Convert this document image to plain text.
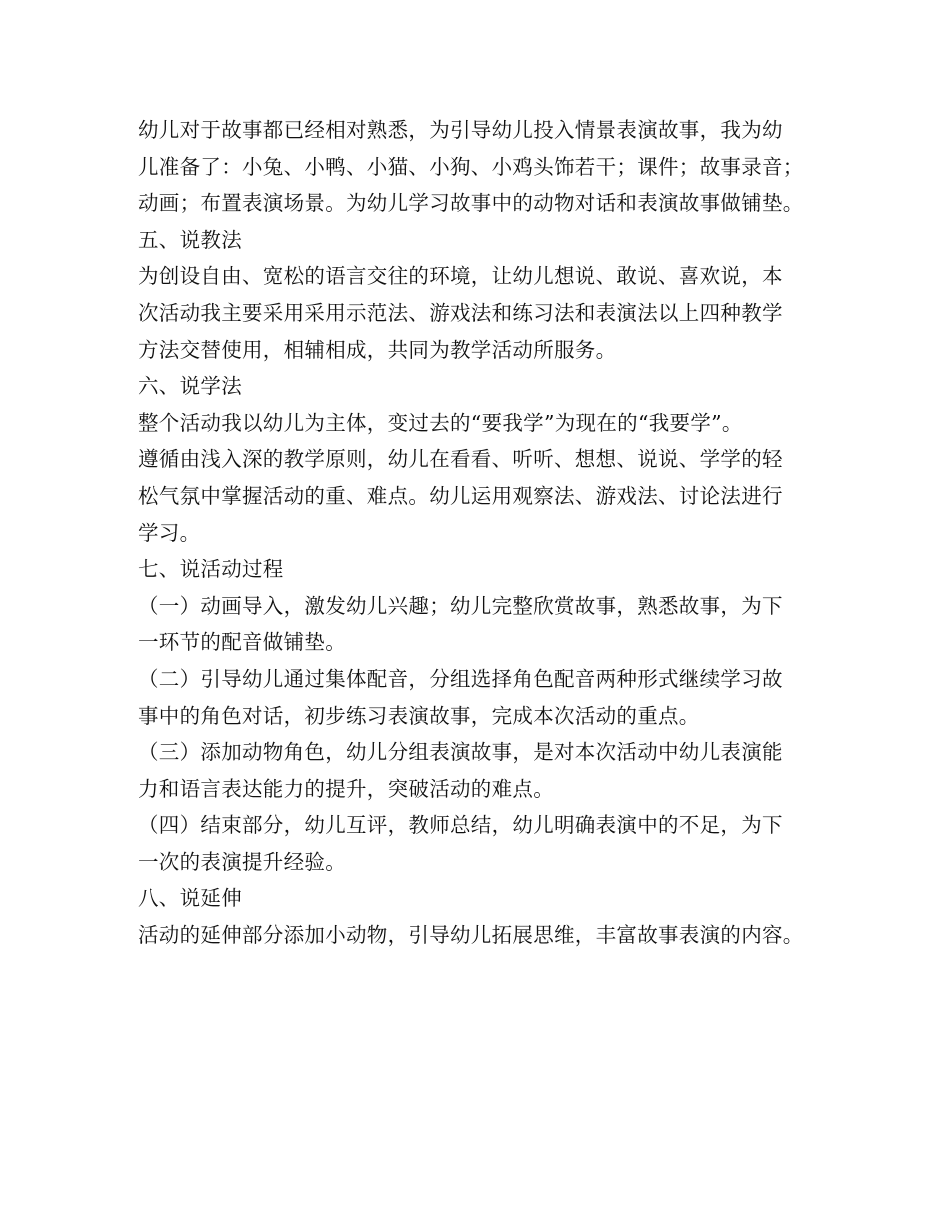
幼儿对于故事都已经相对熟悉，为引导幼儿投入情景表演故事，我为幼
儿准备了：小兔、小鸭、小猫、小狗、小鸡头饰若干；课件；故事录音；
动画；布置表演场景。为幼儿学习故事中的动物对话和表演故事做铺垫。
五、说教法
为创设自由、宽松的语言交往的环境，让幼儿想说、敢说、喜欢说，本
次活动我主要采用采用示范法、游戏法和练习法和表演法以上四种教学
方法交替使用，相辅相成，共同为教学活动所服务。
六、说学法
整个活动我以幼儿为主体，变过去的“要我学”为现在的“我要学”。
遵循由浅入深的教学原则，幼儿在看看、听听、想想、说说、学学的轻
松气氛中掌握活动的重、难点。幼儿运用观察法、游戏法、讨论法进行
学习。
七、说活动过程
（一）动画导入，激发幼儿兴趣；幼儿完整欣赏故事，熟悉故事，为下
一环节的配音做铺垫。
（二）引导幼儿通过集体配音，分组选择角色配音两种形式继续学习故
事中的角色对话，初步练习表演故事，完成本次活动的重点。
（三）添加动物角色，幼儿分组表演故事，是对本次活动中幼儿表演能
力和语言表达能力的提升，突破活动的难点。
（四）结束部分，幼儿互评，教师总结，幼儿明确表演中的不足，为下
一次的表演提升经验。
八、说延伸
活动的延伸部分添加小动物，引导幼儿拓展思维，丰富故事表演的内容。
